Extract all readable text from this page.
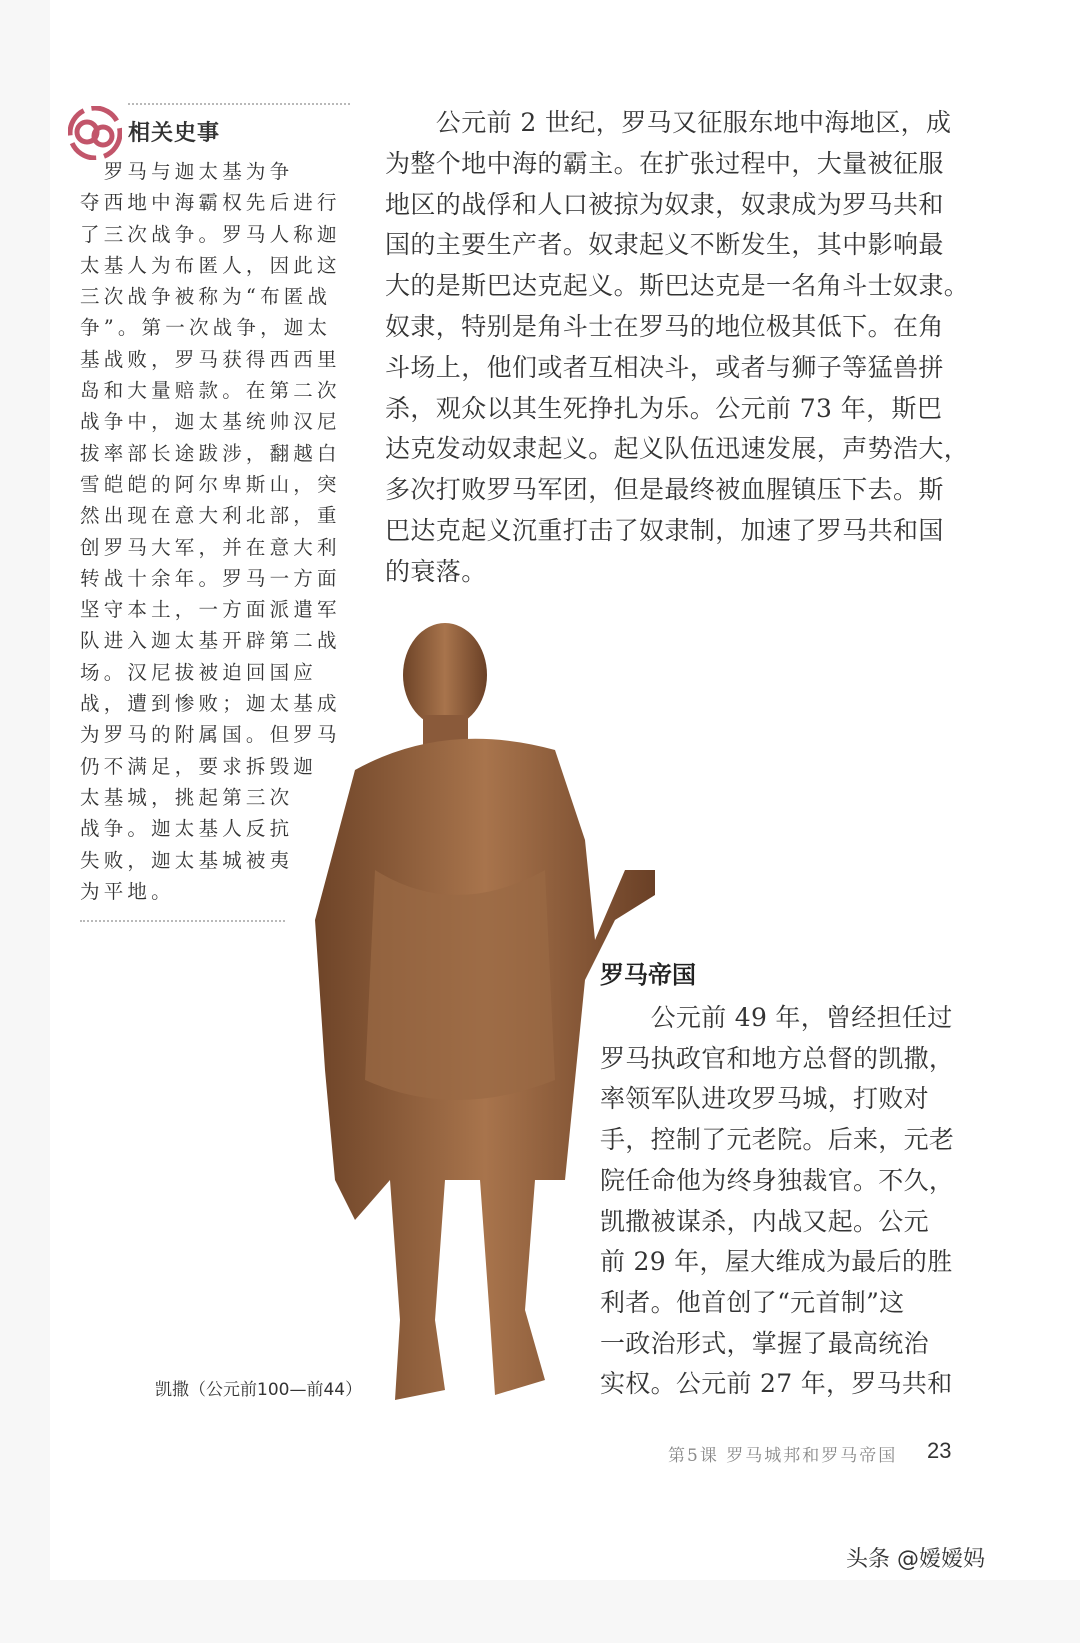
相关史事
　罗马与迦太基为争
夺西地中海霸权先后进行
了三次战争。罗马人称迦
太基人为布匿人，因此这
三次战争被称为“布匿战
争”。第一次战争，迦太
基战败，罗马获得西西里
岛和大量赔款。在第二次
战争中，迦太基统帅汉尼
拔率部长途跋涉，翻越白
雪皑皑的阿尔卑斯山，突
然出现在意大利北部，重
创罗马大军，并在意大利
转战十余年。罗马一方面
坚守本土，一方面派遣军
队进入迦太基开辟第二战
场。汉尼拔被迫回国应
战，遭到惨败；迦太基成
为罗马的附属国。但罗马
仍不满足，要求拆毁迦
太基城，挑起第三次
战争。迦太基人反抗
失败，迦太基城被夷
为平地。
　　公元前 2 世纪，罗马又征服东地中海地区，成
为整个地中海的霸主。在扩张过程中，大量被征服
地区的战俘和人口被掠为奴隶，奴隶成为罗马共和
国的主要生产者。奴隶起义不断发生，其中影响最
大的是斯巴达克起义。斯巴达克是一名角斗士奴隶。
奴隶，特别是角斗士在罗马的地位极其低下。在角
斗场上，他们或者互相决斗，或者与狮子等猛兽拼
杀，观众以其生死挣扎为乐。公元前 73 年，斯巴
达克发动奴隶起义。起义队伍迅速发展，声势浩大，
多次打败罗马军团，但是最终被血腥镇压下去。斯
巴达克起义沉重打击了奴隶制，加速了罗马共和国
的衰落。
凯撒（公元前100—前44）
罗马帝国
　　公元前 49 年，曾经担任过
罗马执政官和地方总督的凯撒，
率领军队进攻罗马城，打败对
手，控制了元老院。后来，元老
院任命他为终身独裁官。不久，
凯撒被谋杀，内战又起。公元
前 29 年，屋大维成为最后的胜
利者。他首创了“元首制”这
一政治形式，掌握了最高统治
实权。公元前 27 年，罗马共和
第5课 罗马城邦和罗马帝国 23
头条 @嫒嫒妈
